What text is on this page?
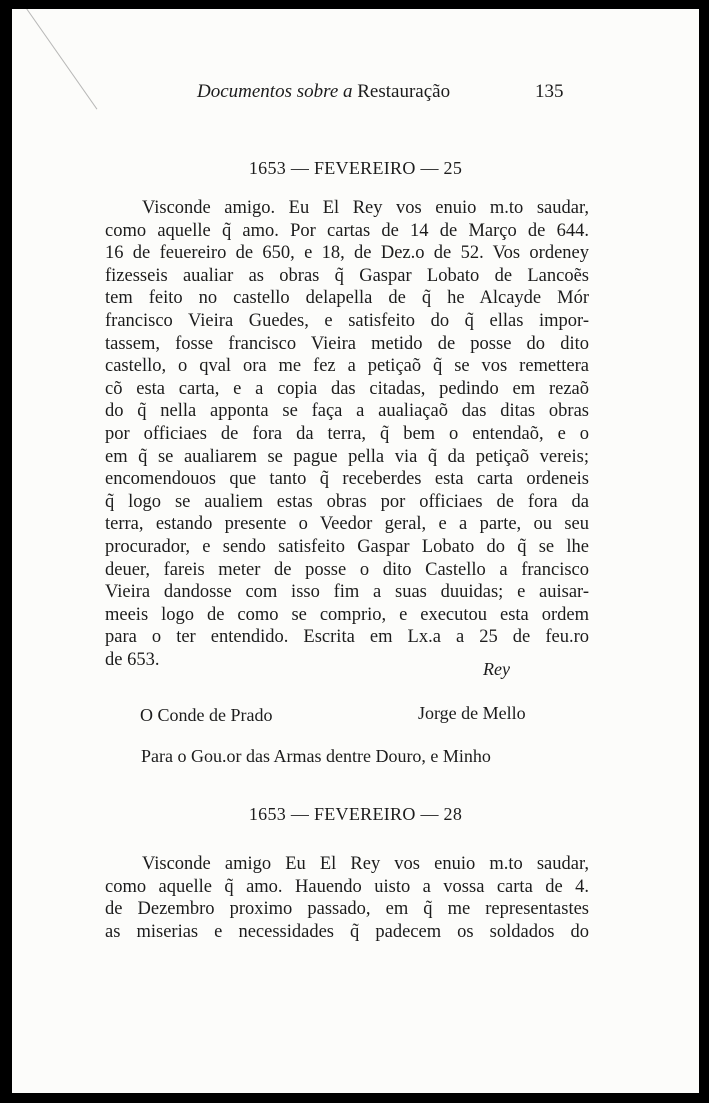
Documentos sobre a Restauração	135
1653 — FEVEREIRO — 25
Visconde amigo. Eu El Rey vos enuio m.to saudar,
como aquelle q̃ amo. Por cartas de 14 de Março de 644.
16 de feuereiro de 650, e 18, de Dez.o de 52. Vos ordeney
fizesseis aualiar as obras q̃ Gaspar Lobato de Lancoẽs
tem feito no castello delapella de q̃ he Alcayde Mór
francisco Vieira Guedes, e satisfeito do q̃ ellas impor-
tassem, fosse francisco Vieira metido de posse do dito
castello, o qval ora me fez a petiçaõ q̃ se vos remettera
cõ esta carta, e a copia das citadas, pedindo em rezaõ
do q̃ nella apponta se faça a aualiaçaõ das ditas obras
por officiaes de fora da terra, q̃ bem o entendaõ, e o
em q̃ se aualiarem se pague pella via q̃ da petiçaõ vereis;
encomendouos que tanto q̃ receberdes esta carta ordeneis
q̃ logo se aualiem estas obras por officiaes de fora da
terra, estando presente o Veedor geral, e a parte, ou seu
procurador, e sendo satisfeito Gaspar Lobato do q̃ se lhe
deuer, fareis meter de posse o dito Castello a francisco
Vieira dandosse com isso fim a suas duuidas; e auisar-
meeis logo de como se comprio, e executou esta ordem
para o ter entendido. Escrita em Lx.a a 25 de feu.ro
de 653.	Rey
O Conde de Prado	Jorge de Mello
Para o Gou.or das Armas dentre Douro, e Minho
1653 — FEVEREIRO — 28
Visconde amigo Eu El Rey vos enuio m.to saudar,
como aquelle q̃ amo. Hauendo uisto a vossa carta de 4.
de Dezembro proximo passado, em q̃ me representastes
as miserias e necessidades q̃ padecem os soldados do
